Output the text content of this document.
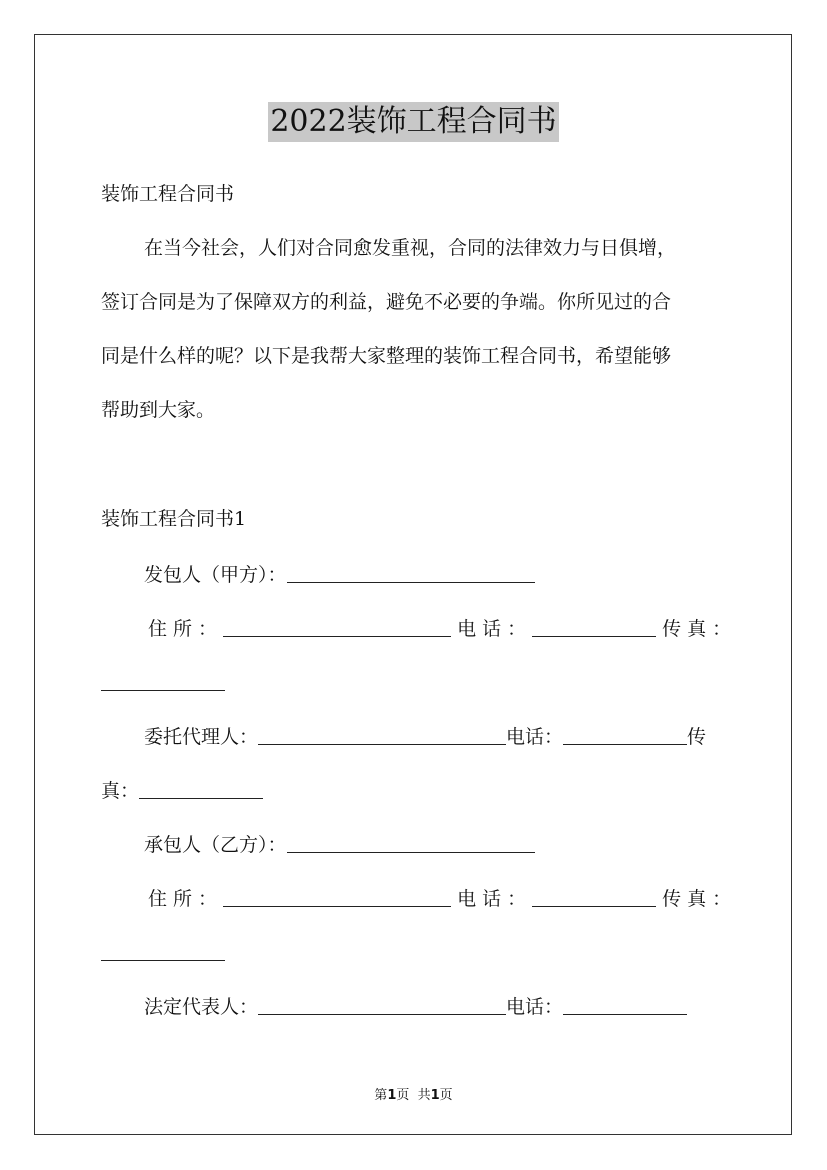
2022装饰工程合同书
装饰工程合同书
在当今社会，人们对合同愈发重视，合同的法律效力与日俱增，
签订合同是为了保障双方的利益，避免不必要的争端。你所见过的合
同是什么样的呢？以下是我帮大家整理的装饰工程合同书，希望能够
帮助到大家。
装饰工程合同书1
发包人（甲方）：
住所：	电话：	传真：
委托代理人：	电话：	传
真：
承包人（乙方）：
住所：	电话：	传真：
法定代表人：	电话：
第1页  共1页
